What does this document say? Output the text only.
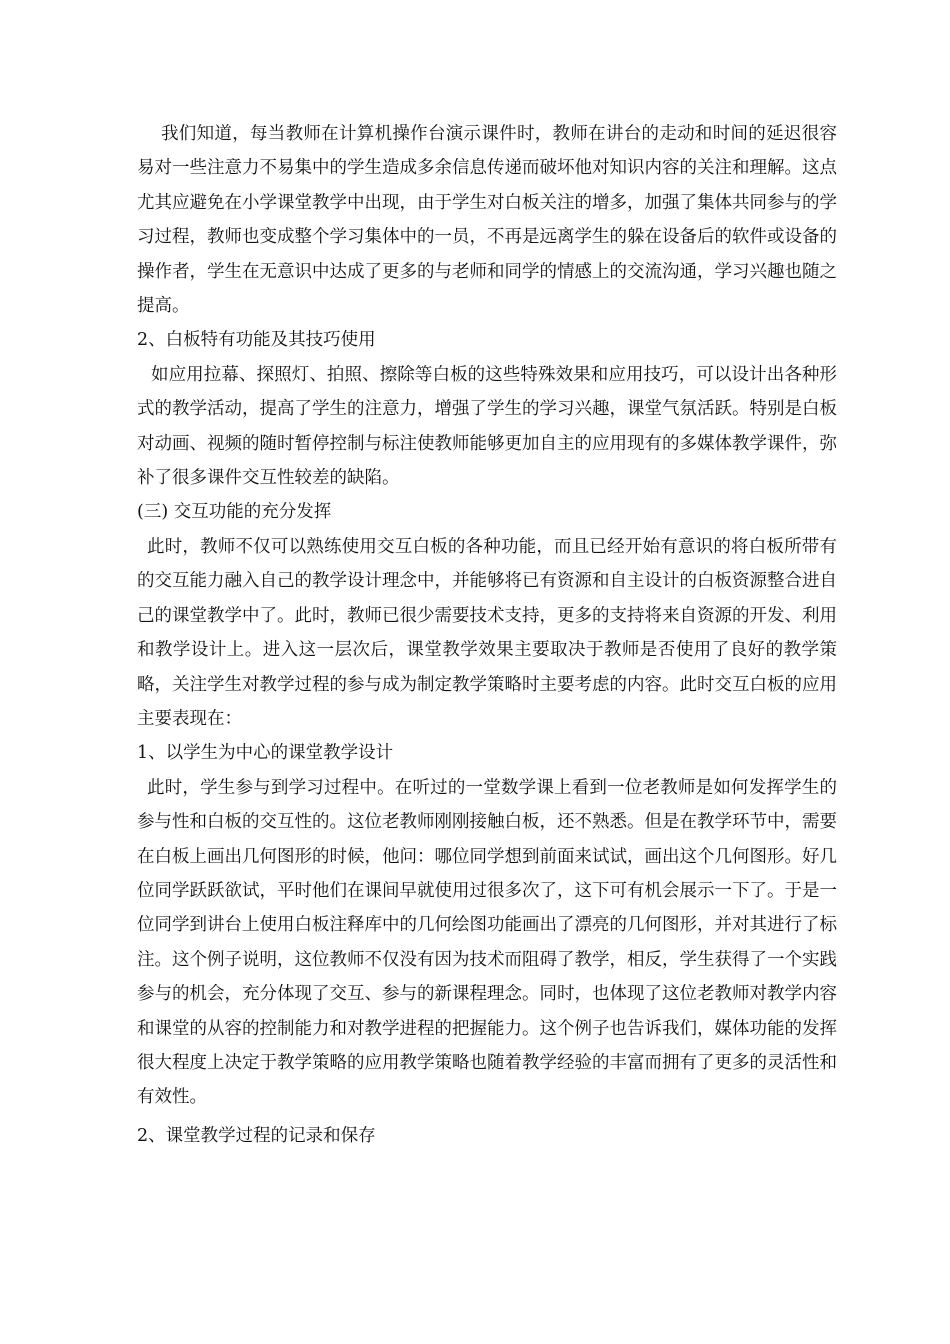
我们知道，每当教师在计算机操作台演示课件时，教师在讲台的走动和时间的延迟很容易对一些注意力不易集中的学生造成多余信息传递而破坏他对知识内容的关注和理解。这点尤其应避免在小学课堂教学中出现，由于学生对白板关注的增多，加强了集体共同参与的学习过程，教师也变成整个学习集体中的一员，不再是远离学生的躲在设备后的软件或设备的操作者，学生在无意识中达成了更多的与老师和同学的情感上的交流沟通，学习兴趣也随之提高。

2、白板特有功能及其技巧使用

如应用拉幕、探照灯、拍照、擦除等白板的这些特殊效果和应用技巧，可以设计出各种形式的教学活动，提高了学生的注意力，增强了学生的学习兴趣，课堂气氛活跃。特别是白板对动画、视频的随时暂停控制与标注使教师能够更加自主的应用现有的多媒体教学课件，弥补了很多课件交互性较差的缺陷。

(三) 交互功能的充分发挥

此时，教师不仅可以熟练使用交互白板的各种功能，而且已经开始有意识的将白板所带有的交互能力融入自己的教学设计理念中，并能够将已有资源和自主设计的白板资源整合进自己的课堂教学中了。此时，教师已很少需要技术支持，更多的支持将来自资源的开发、利用和教学设计上。进入这一层次后，课堂教学效果主要取决于教师是否使用了良好的教学策略，关注学生对教学过程的参与成为制定教学策略时主要考虑的内容。此时交互白板的应用主要表现在：

1、以学生为中心的课堂教学设计

此时，学生参与到学习过程中。在听过的一堂数学课上看到一位老教师是如何发挥学生的参与性和白板的交互性的。这位老教师刚刚接触白板，还不熟悉。但是在教学环节中，需要在白板上画出几何图形的时候，他问：哪位同学想到前面来试试，画出这个几何图形。好几位同学跃跃欲试，平时他们在课间早就使用过很多次了，这下可有机会展示一下了。于是一位同学到讲台上使用白板注释库中的几何绘图功能画出了漂亮的几何图形，并对其进行了标注。这个例子说明，这位教师不仅没有因为技术而阻碍了教学，相反，学生获得了一个实践参与的机会，充分体现了交互、参与的新课程理念。同时，也体现了这位老教师对教学内容和课堂的从容的控制能力和对教学进程的把握能力。这个例子也告诉我们，媒体功能的发挥很大程度上决定于教学策略的应用教学策略也随着教学经验的丰富而拥有了更多的灵活性和有效性。

2、课堂教学过程的记录和保存
